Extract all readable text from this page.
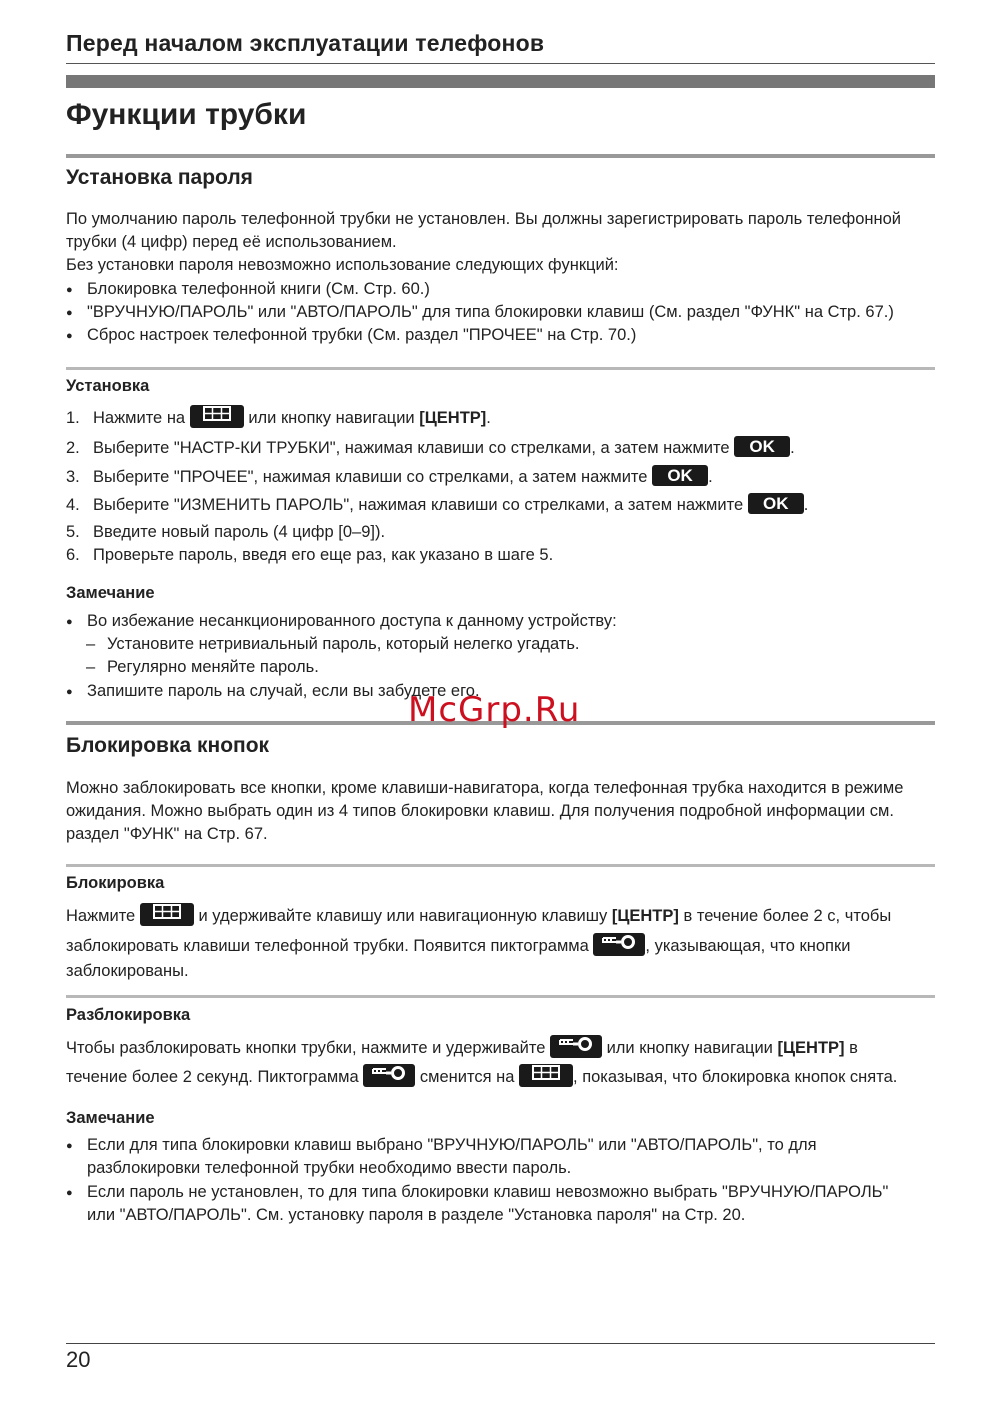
Перед началом эксплуатации телефонов
Функции трубки
Установка пароля
По умолчанию пароль телефонной трубки не установлен. Вы должны зарегистрировать пароль телефонной
трубки (4 цифр) перед её использованием.
Без установки пароля невозможно использование следующих функций:
Блокировка телефонной книги (См. Стр. 60.)
"ВРУЧНУЮ/ПАРОЛЬ" или "АВТО/ПАРОЛЬ" для типа блокировки клавиш (См. раздел "ФУНК" на Стр. 67.)
Сброс настроек телефонной трубки (См. раздел "ПРОЧЕЕ" на Стр. 70.)
Установка
1. Нажмите на	или кнопку навигации [ЦЕНТР].
2. Выберите "НАСТР-КИ ТРУБКИ", нажимая клавиши со стрелками, а затем нажмите OK .
3. Выберите "ПРОЧЕЕ", нажимая клавиши со стрелками, а затем нажмите OK .
4. Выберите "ИЗМЕНИТЬ ПАРОЛЬ", нажимая клавиши со стрелками, а затем нажмите OK .
5. Введите новый пароль (4 цифр [0–9]).
6. Проверьте пароль, введя его еще раз, как указано в шаге 5.
Замечание
Во избежание несанкционированного доступа к данному устройству:
– Установите нетривиальный пароль, который нелегко угадать.
– Регулярно меняйте пароль.
Запишите пароль на случай, если вы забудете его.
Блокировка кнопок
Можно заблокировать все кнопки, кроме клавиши-навигатора, когда телефонная трубка находится в режиме
ожидания. Можно выбрать один из 4 типов блокировки клавиш. Для получения подробной информации см.
раздел "ФУНК" на Стр. 67.
Блокировка
Нажмите	и удерживайте клавишу или навигационную клавишу [ЦЕНТР] в течение более 2 с, чтобы
заблокировать клавиши телефонной трубки. Появится пиктограмма	, указывающая, что кнопки
заблокированы.
Разблокировка
Чтобы разблокировать кнопки трубки, нажмите и удерживайте	или кнопку навигации [ЦЕНТР] в
течение более 2 секунд. Пиктограмма	сменится на	, показывая, что блокировка кнопок снята.
Замечание
Если для типа блокировки клавиш выбрано "ВРУЧНУЮ/ПАРОЛЬ" или "АВТО/ПАРОЛЬ", то для
разблокировки телефонной трубки необходимо ввести пароль.
Если пароль не установлен, то для типа блокировки клавиш невозможно выбрать "ВРУЧНУЮ/ПАРОЛЬ"
или "АВТО/ПАРОЛЬ". См. установку пароля в разделе "Установка пароля" на Стр. 20.
20
McGrp.Ru
